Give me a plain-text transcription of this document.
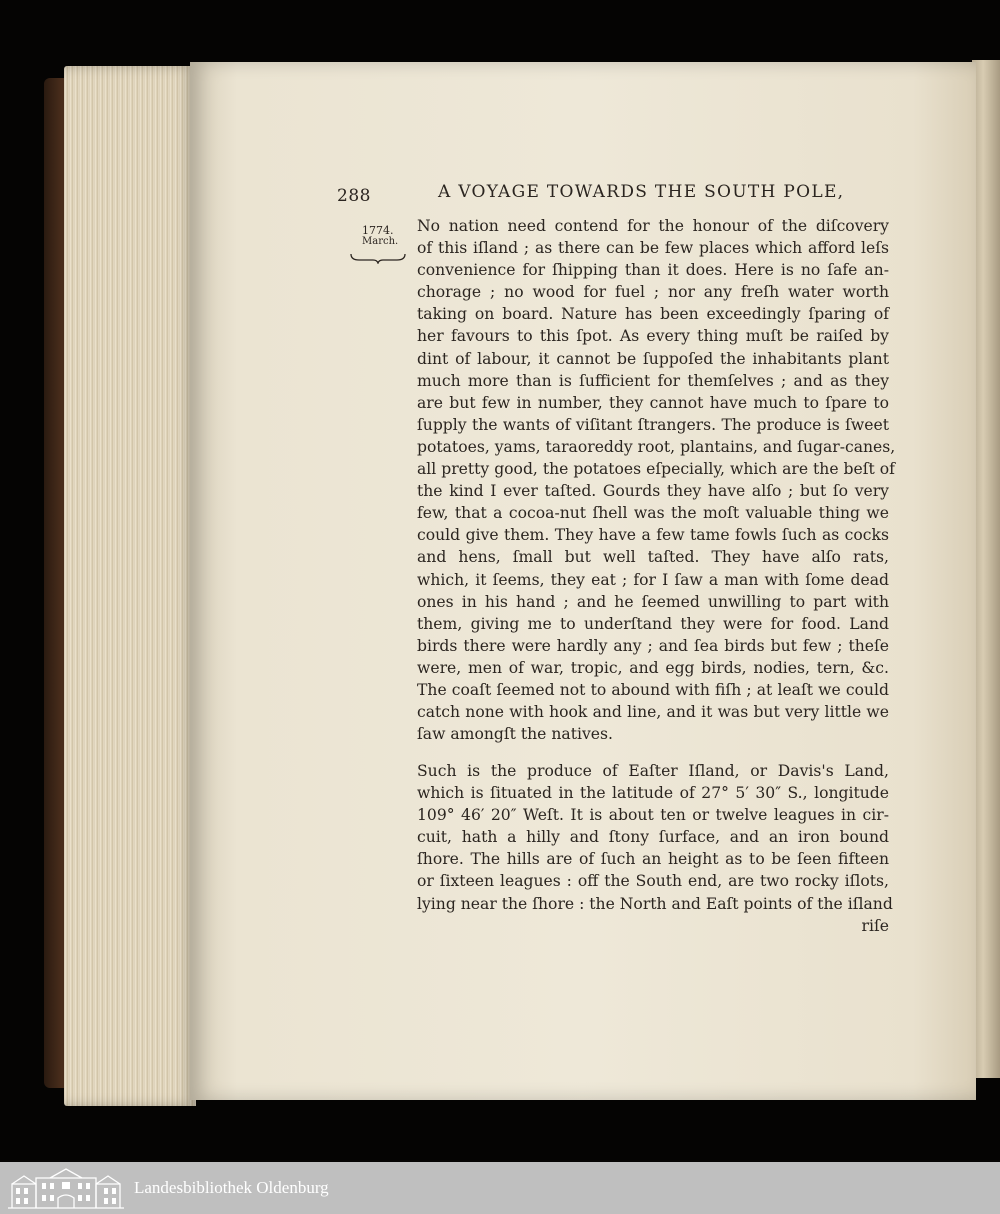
288	A VOYAGE TOWARDS THE SOUTH POLE,
1774.
March.
No nation need contend for the honour of the diſcovery
of this iſland ; as there can be few places which afford leſs
convenience for ſhipping than it does. Here is no ſafe an-
chorage ; no wood for fuel ; nor any freſh water worth
taking on board. Nature has been exceedingly ſparing of
her favours to this ſpot. As every thing muſt be raiſed by
dint of labour, it cannot be ſuppoſed the inhabitants plant
much more than is ſufficient for themſelves ; and as they
are but few in number, they cannot have much to ſpare to
ſupply the wants of viſitant ſtrangers. The produce is ſweet
potatoes, yams, taraoreddy root, plantains, and ſugar-canes,
all pretty good, the potatoes eſpecially, which are the beſt of
the kind I ever taſted. Gourds they have alſo ; but ſo very
few, that a cocoa-nut ſhell was the moſt valuable thing we
could give them. They have a few tame fowls ſuch as cocks
and hens, ſmall but well taſted. They have alſo rats,
which, it ſeems, they eat ; for I ſaw a man with ſome dead
ones in his hand ; and he ſeemed unwilling to part with
them, giving me to underſtand they were for food. Land
birds there were hardly any ; and ſea birds but few ; theſe
were, men of war, tropic, and egg birds, nodies, tern, &c.
The coaſt ſeemed not to abound with fiſh ; at leaſt we could
catch none with hook and line, and it was but very little we
ſaw amongſt the natives.
Such is the produce of Eaſter Iſland, or Davis's Land,
which is ſituated in the latitude of 27° 5′ 30″ S., longitude
109° 46′ 20″ Weſt. It is about ten or twelve leagues in cir-
cuit, hath a hilly and ſtony ſurface, and an iron bound
ſhore. The hills are of ſuch an height as to be ſeen fifteen
or ſixteen leagues : off the South end, are two rocky iſlots,
lying near the ſhore : the North and Eaſt points of the iſland
riſe
Landesbibliothek Oldenburg
